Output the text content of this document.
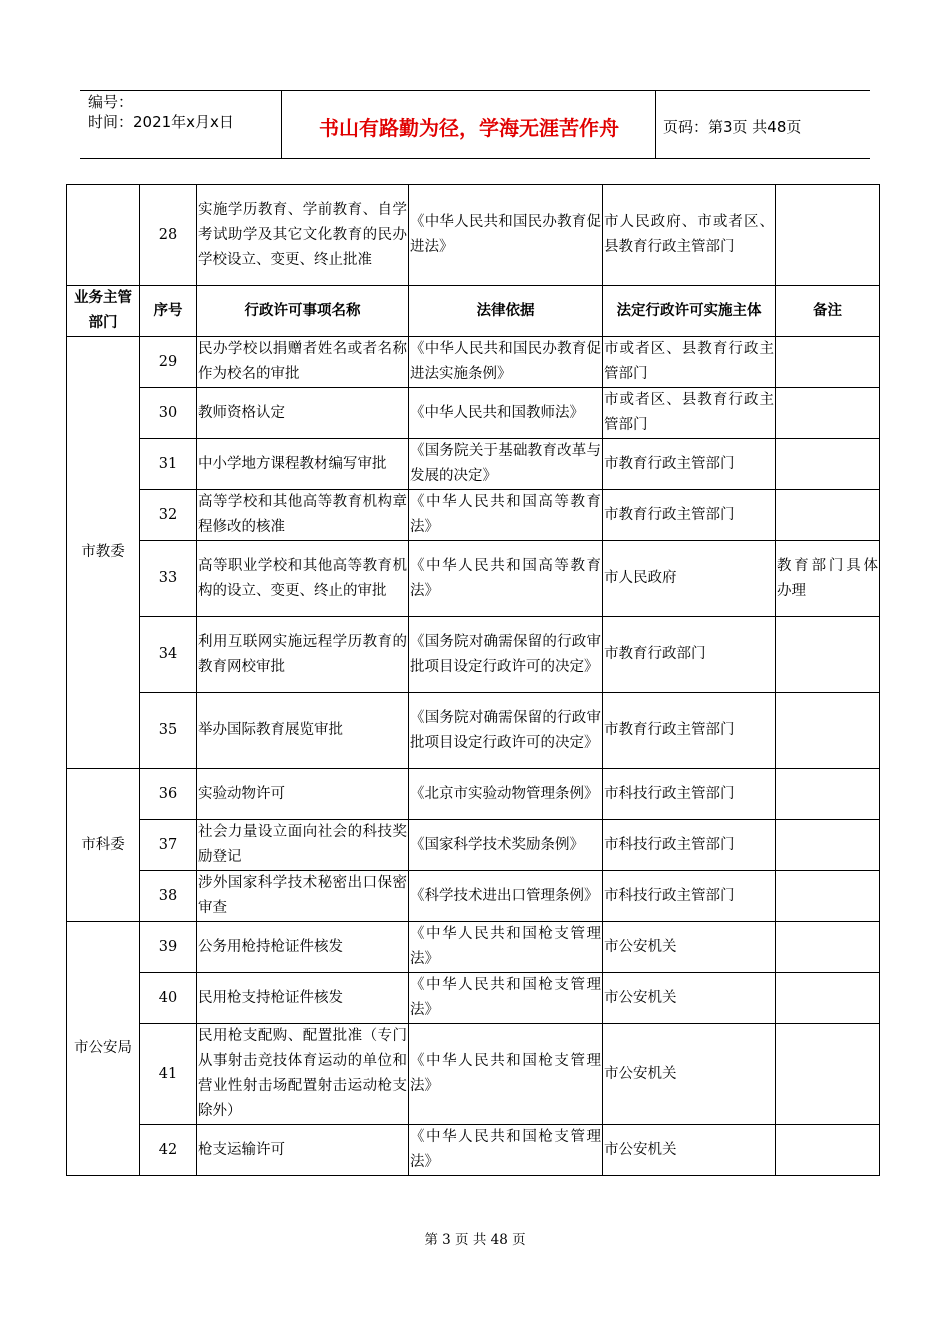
编号：
时间：2021年x月x日	书山有路勤为径，学海无涯苦作舟	页码：第3页 共48页
	28	实施学历教育、学前教育、自学考试助学及其它文化教育的民办学校设立、变更、终止批准	《中华人民共和国民办教育促进法》	市人民政府、市或者区、县教育行政主管部门	
业务主管部门	序号	行政许可事项名称	法律依据	法定行政许可实施主体	备注
市教委	29	民办学校以捐赠者姓名或者名称作为校名的审批	《中华人民共和国民办教育促进法实施条例》	市或者区、县教育行政主管部门	
	30	教师资格认定	《中华人民共和国教师法》	市或者区、县教育行政主管部门	
	31	中小学地方课程教材编写审批	《国务院关于基础教育改革与发展的决定》	市教育行政主管部门	
	32	高等学校和其他高等教育机构章程修改的核准	《中华人民共和国高等教育法》	市教育行政主管部门	
	33	高等职业学校和其他高等教育机构的设立、变更、终止的审批	《中华人民共和国高等教育法》	市人民政府	教育部门具体办理
	34	利用互联网实施远程学历教育的教育网校审批	《国务院对确需保留的行政审批项目设定行政许可的决定》	市教育行政部门	
	35	举办国际教育展览审批	《国务院对确需保留的行政审批项目设定行政许可的决定》	市教育行政主管部门	
市科委	36	实验动物许可	《北京市实验动物管理条例》	市科技行政主管部门	
	37	社会力量设立面向社会的科技奖励登记	《国家科学技术奖励条例》	市科技行政主管部门	
	38	涉外国家科学技术秘密出口保密审查	《科学技术进出口管理条例》	市科技行政主管部门	
市公安局	39	公务用枪持枪证件核发	《中华人民共和国枪支管理法》	市公安机关	
	40	民用枪支持枪证件核发	《中华人民共和国枪支管理法》	市公安机关	
	41	民用枪支配购、配置批准（专门从事射击竞技体育运动的单位和营业性射击场配置射击运动枪支除外）	《中华人民共和国枪支管理法》	市公安机关	
	42	枪支运输许可	《中华人民共和国枪支管理法》	市公安机关	
第 3 页 共 48 页
